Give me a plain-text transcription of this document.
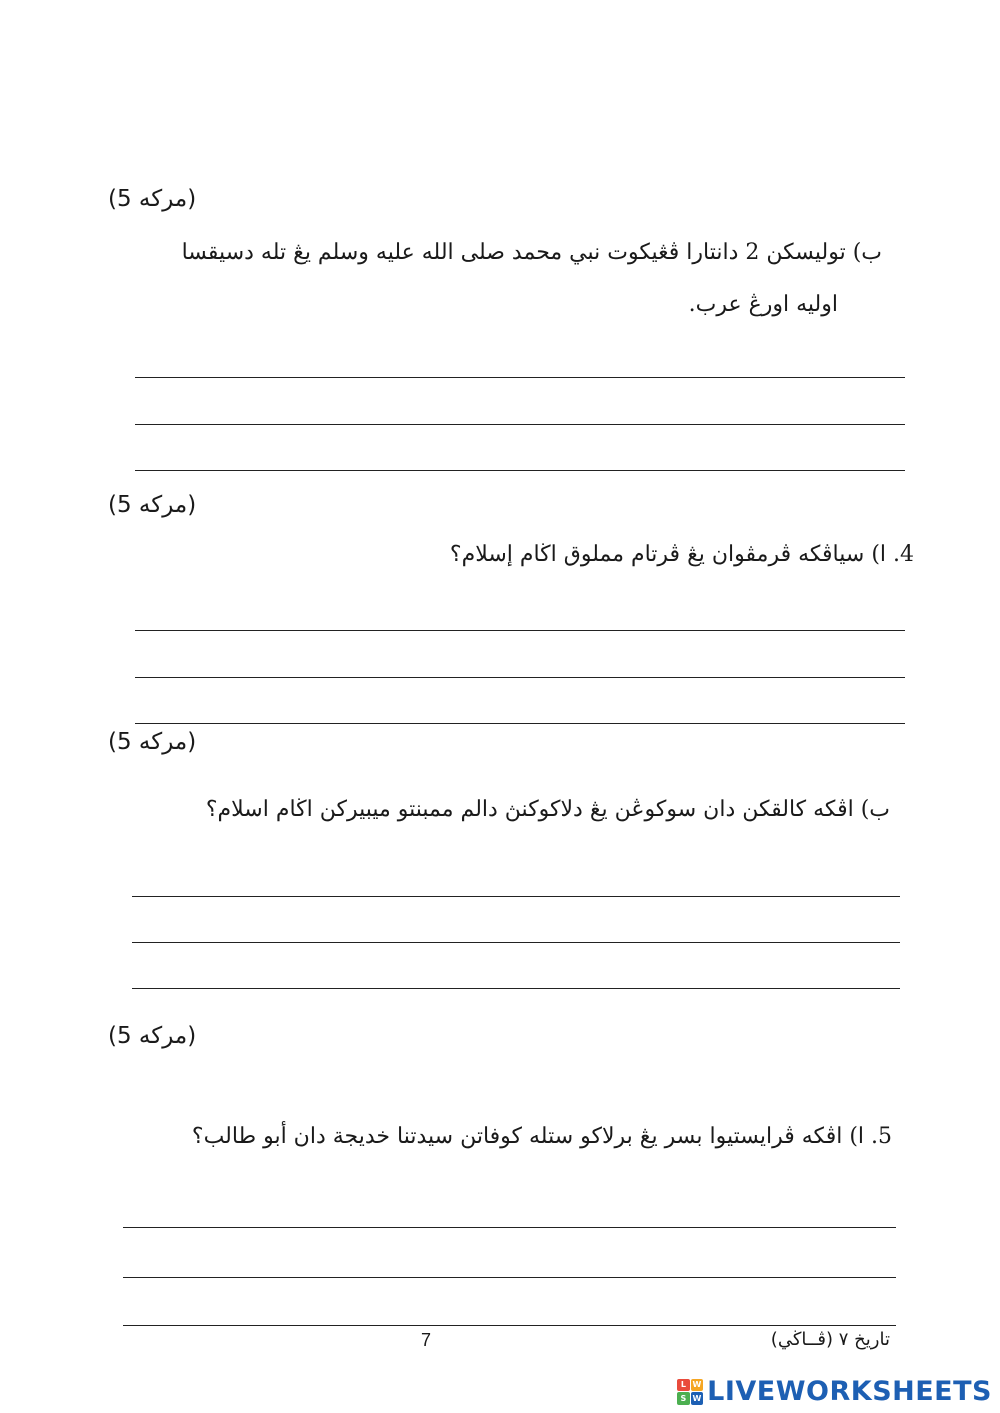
(5 مركه)
ب) توليسكن 2 دانتارا ڤڠيكوت نبي محمد صلى الله عليه وسلم يڠ تله دسيقسا
اوليه اورڠ عرب.
(5 مركه)
4. ا) سياڤكه ڤرمڤوان يڠ ڤرتام مملوق اڬام إسلام؟
(5 مركه)
ب) اڤكه کالقکن دان سوکوڠن يڠ دلاکوکنڽ دالم ممبنتو ميبيرکن اڬام اسلام؟
(5 مركه)
5. ا) اڤكه ڤرايستيوا بسر يڠ برلاکو ستله كوفاتن سيدتنا خديجة دان أبو طالب؟
7	تاريخ ٧ (ڤــاڬي)
L W
S W LIVEWORKSHEETS
